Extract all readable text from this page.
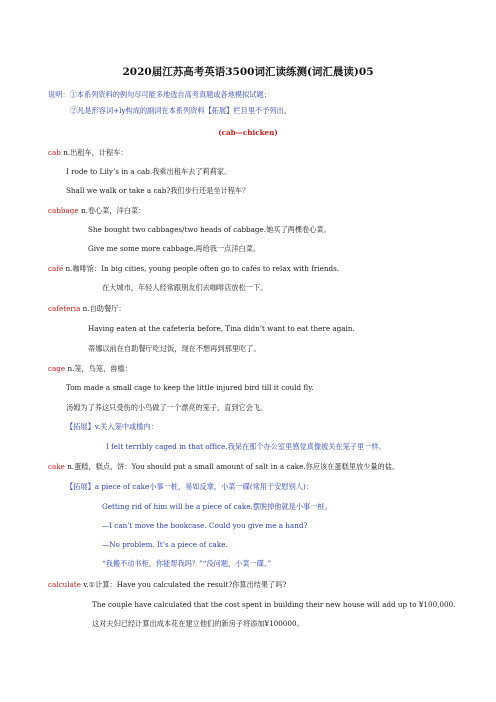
2020届江苏高考英语3500词汇读练测(词汇晨读)05
说明：①本系列资料的例句尽可能多地选自高考真题或各地模拟试题；
②凡是形容词+ly构成的副词在本系列资料【拓展】栏目里不予列出。
(cab—chicken)
cab n.出租车，计程车：
I rode to Lily’s in a cab.我乘出租车去了莉莉家。
Shall we walk or take a cab?我们步行还是坐计程车？
cabbage n.卷心菜，洋白菜：
She bought two cabbages/two heads of cabbage.她买了两棵卷心菜。
Give me some more cabbage.再给我一点洋白菜。
café n.咖啡馆：In big cities, young people often go to cafés to relax with friends.
在大城市，年轻人经常跟朋友们去咖啡店放松一下。
cafeteria n.自助餐厅：
Having eaten at the cafeteria before, Tina didn’t want to eat there again.
蒂娜以前在自助餐厅吃过饭，现在不想再到那里吃了。
cage n.笼，鸟笼，兽槛：
Tom made a small cage to keep the little injured bird till it could fly.
汤姆为了养这只受伤的小鸟做了一个漂亮的笼子，直到它会飞。
【拓展】v.关入笼中或槛内：
I felt terribly caged in that office.我呆在那个办公室里感觉真像被关在笼子里一样。
cake n.蛋糕，糕点，饼：You should put a small amount of salt in a cake.你应该在蛋糕里放少量的盐。
【拓展】a piece of cake小事一桩，易如反掌，小菜一碟(常用于安慰别人)：
Getting rid of him will be a piece of cake.摆脱掉他就是小事一桩。
—I can’t move the bookcase. Could you give me a hand?
—No problem. It’s a piece of cake.
“我搬不动书柜，你能帮我吗？”“没问题，小菜一碟。”
calculate v.①计算：Have you calculated the result?你算出结果了吗?
The couple have calculated that the cost spent in building their new house will add up to ¥100,000.
这对夫妇已经计算出成本花在建立他们的新房子将添加¥100000。
